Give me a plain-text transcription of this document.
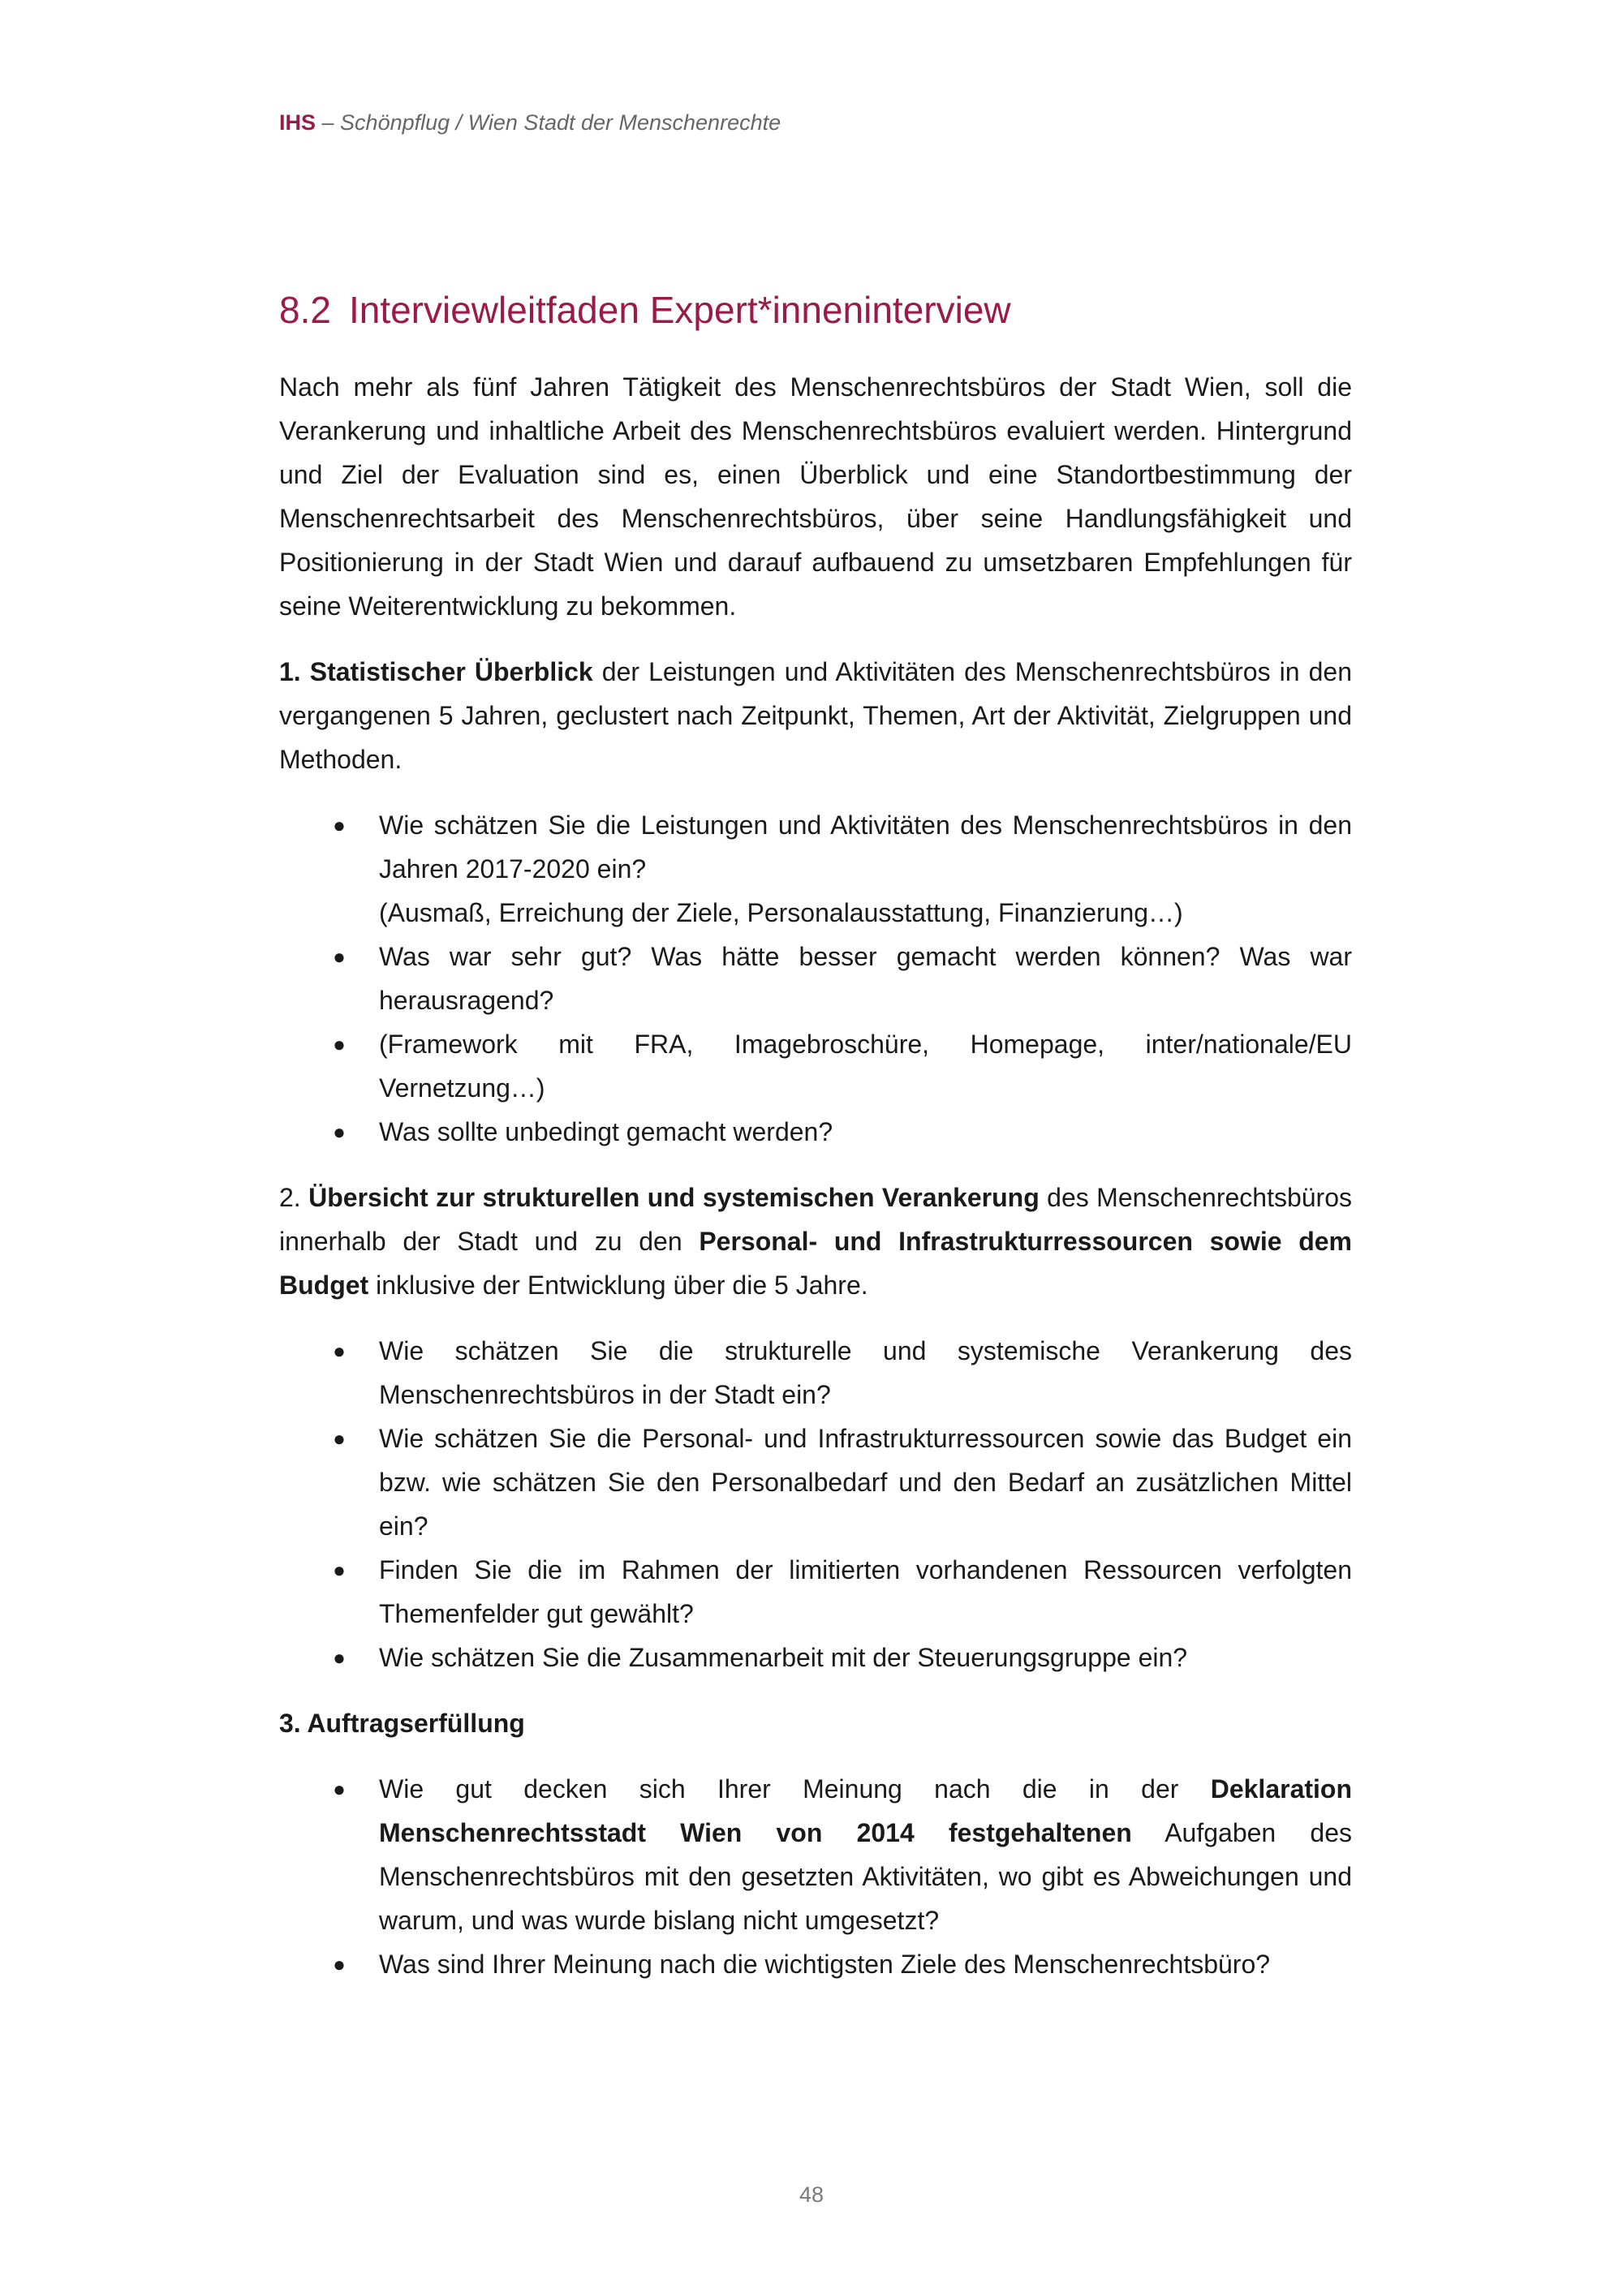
IHS – Schönpflug / Wien Stadt der Menschenrechte
8.2 Interviewleitfaden Expert*inneninterview

Nach mehr als fünf Jahren Tätigkeit des Menschenrechtsbüros der Stadt Wien, soll die Verankerung und inhaltliche Arbeit des Menschenrechtsbüros evaluiert werden. Hintergrund und Ziel der Evaluation sind es, einen Überblick und eine Standortbestimmung der Menschenrechtsarbeit des Menschenrechtsbüros, über seine Handlungsfähigkeit und Positionierung in der Stadt Wien und darauf aufbauend zu umsetzbaren Empfehlungen für seine Weiterentwicklung zu bekommen.

1. Statistischer Überblick der Leistungen und Aktivitäten des Menschenrechtsbüros in den vergangenen 5 Jahren, geclustert nach Zeitpunkt, Themen, Art der Aktivität, Zielgruppen und Methoden.

● Wie schätzen Sie die Leistungen und Aktivitäten des Menschenrechtsbüros in den Jahren 2017-2020 ein?
(Ausmaß, Erreichung der Ziele, Personalausstattung, Finanzierung…)
● Was war sehr gut? Was hätte besser gemacht werden können? Was war herausragend?
● (Framework mit FRA, Imagebroschüre, Homepage, inter/nationale/EU Vernetzung…)
● Was sollte unbedingt gemacht werden?

2. Übersicht zur strukturellen und systemischen Verankerung des Menschenrechtsbüros innerhalb der Stadt und zu den Personal- und Infrastrukturressourcen sowie dem Budget inklusive der Entwicklung über die 5 Jahre.

● Wie schätzen Sie die strukturelle und systemische Verankerung des Menschenrechtsbüros in der Stadt ein?
● Wie schätzen Sie die Personal- und Infrastrukturressourcen sowie das Budget ein bzw. wie schätzen Sie den Personalbedarf und den Bedarf an zusätzlichen Mittel ein?
● Finden Sie die im Rahmen der limitierten vorhandenen Ressourcen verfolgten Themenfelder gut gewählt?
● Wie schätzen Sie die Zusammenarbeit mit der Steuerungsgruppe ein?

3. Auftragserfüllung

● Wie gut decken sich Ihrer Meinung nach die in der Deklaration Menschenrechtsstadt Wien von 2014 festgehaltenen Aufgaben des Menschenrechtsbüros mit den gesetzten Aktivitäten, wo gibt es Abweichungen und warum, und was wurde bislang nicht umgesetzt?
● Was sind Ihrer Meinung nach die wichtigsten Ziele des Menschenrechtsbüro?
48
